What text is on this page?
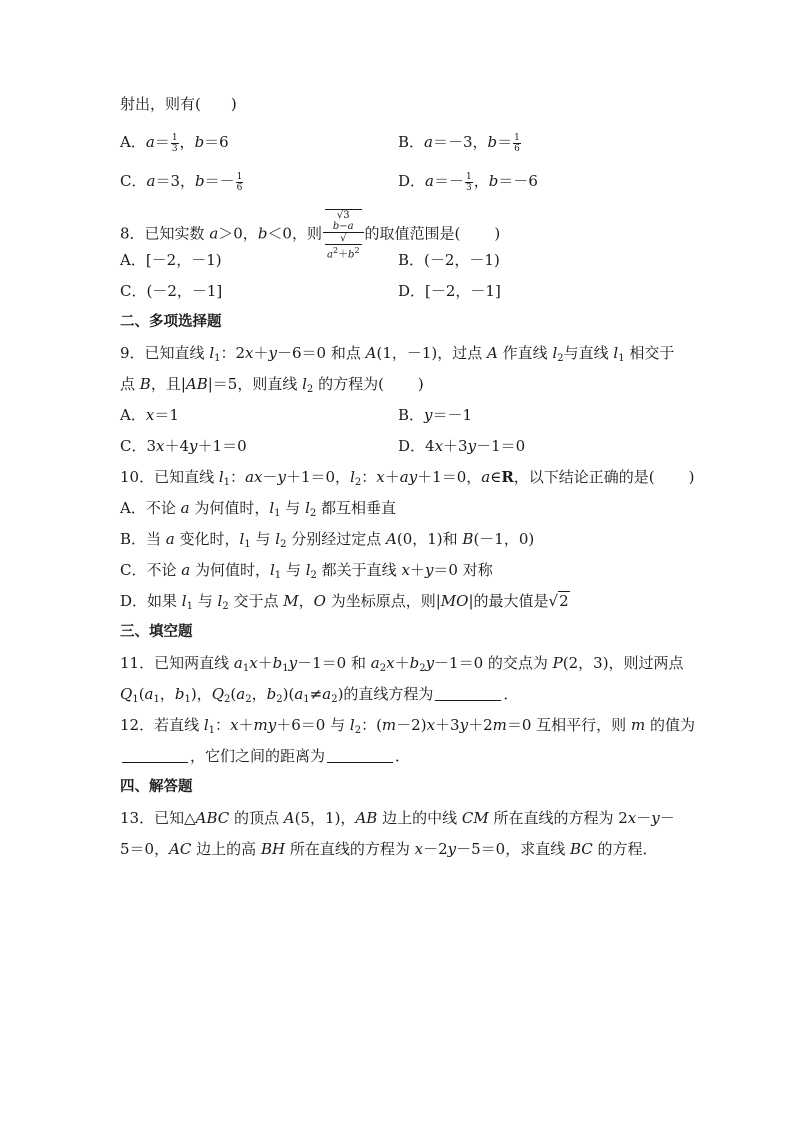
射出，则有(　　)
A．$a= \frac{1}{3}$ ，b＝6	B．a＝－3，$b= \frac{1}{6}$
C．a＝3，$b=- \frac{1}{6}$	D．$a=- \frac{1}{3}$ ，b＝－6
8．已知实数 a＞0，b＜0，则 √3
b−a
√
$a^2+b^2$ 的取值范围是( )
A．[－2，－1)	B．(－2，－1)
C．(－2，－1]	D．[－2，－1]
二、多项选择题
9．已知直线 $l_1$：2x＋y－6＝0 和点 A(1，－1)，过点 A 作直线 $l_2$与直线 $l_1$ 相交于
点 B，且|AB|＝5，则直线 $l_2$ 的方程为( )
A．x＝1	B．y＝－1
C．3x＋4y＋1＝0	D．4x＋3y－1＝0
10．已知直线 $l_1$：ax－y＋1＝0，$l_2$：x＋ay＋1＝0，a∈R，以下结论正确的是( )
A．不论 a 为何值时，$l_1$ 与 $l_2$ 都互相垂直
B．当 a 变化时，$l_1$ 与 $l_2$ 分别经过定点 A(0，1)和 B(－1，0)
C．不论 a 为何值时，$l_1$ 与 $l_2$ 都关于直线 x＋y＝0 对称
D．如果 $l_1$ 与 $l_2$ 交于点 M，O 为坐标原点，则|MO|的最大值是√2
三、填空题
11．已知两直线 $a_1x+b_1y-1=0$ 和 $a_2x+b_2y-1=0$ 的交点为 P(2，3)，则过两点
$Q_1(a_1$，$b_1$)，$Q_2(a_2$，$b_2)(a_1\ne a_2)$的直线方程为	．
12．若直线 $l_1$：x＋my＋6＝0 与 $l_2$：(m－2)x＋3y＋2m＝0 互相平行，则 m 的值为
，它们之间的距离为	．
四、解答题
13．已知△ABC 的顶点 A(5，1)，AB 边上的中线 CM 所在直线的方程为 2x－y－
5＝0，AC 边上的高 BH 所在直线的方程为 x－2y－5＝0，求直线 BC 的方程．
